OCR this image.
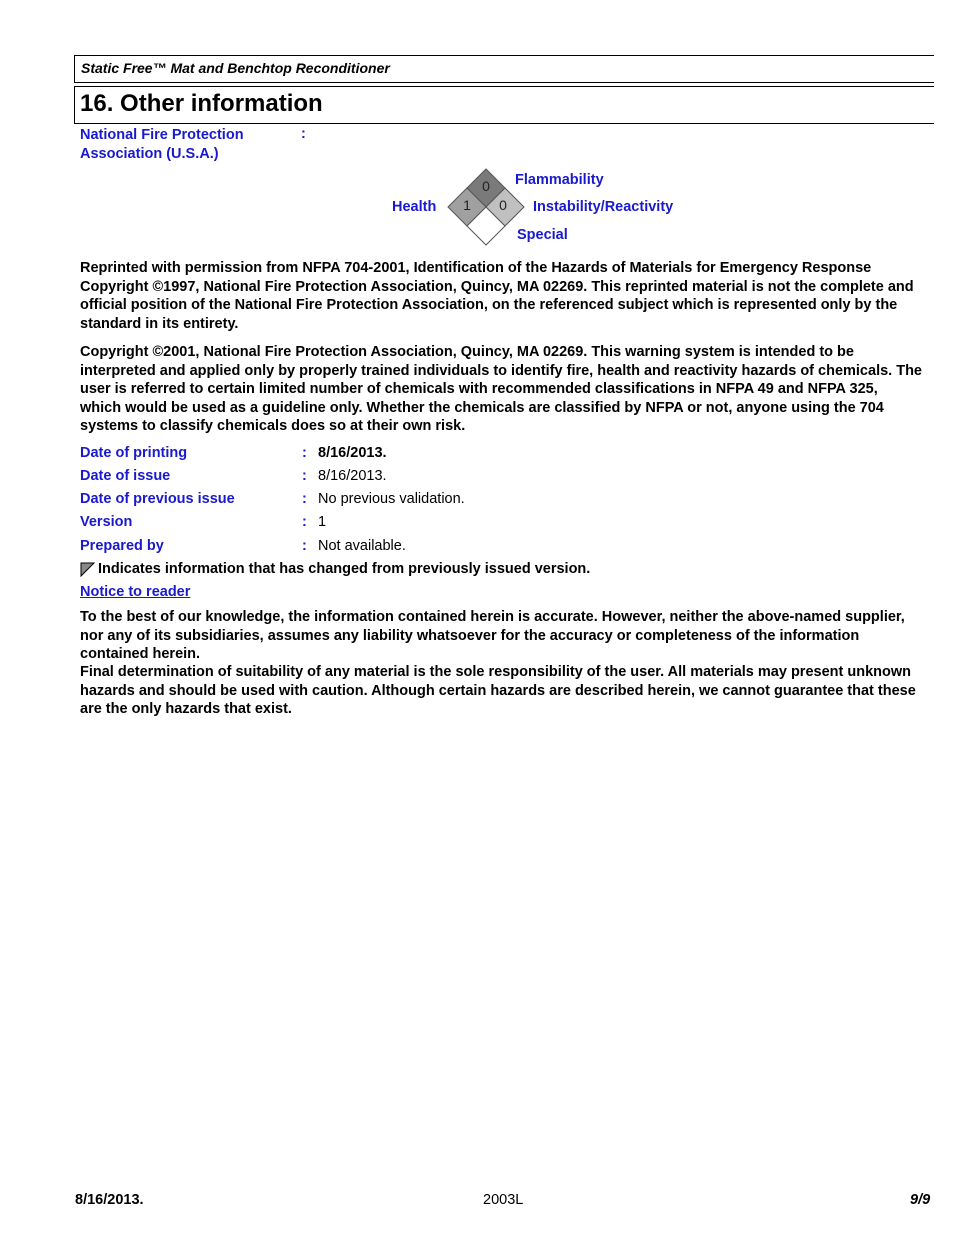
Static Free™ Mat and Benchtop Reconditioner
16. Other information
National Fire Protection Association (U.S.A.)
:
0
1 0
Flammability
Health	Instability/Reactivity
Special
Reprinted with permission from NFPA 704-2001, Identification of the Hazards of Materials for Emergency Response Copyright ©1997, National Fire Protection Association, Quincy, MA 02269. This reprinted material is not the complete and official position of the National Fire Protection Association, on the referenced subject which is represented only by the standard in its entirety.
Copyright ©2001, National Fire Protection Association, Quincy, MA 02269. This warning system is intended to be interpreted and applied only by properly trained individuals to identify fire, health and reactivity hazards of chemicals. The user is referred to certain limited number of chemicals with recommended classifications in NFPA 49 and NFPA 325, which would be used as a guideline only. Whether the chemicals are classified by NFPA or not, anyone using the 704 systems to classify chemicals does so at their own risk.
Date of printing	: 8/16/2013.
Date of issue	: 8/16/2013.
Date of previous issue	: No previous validation.
Version	: 1
Prepared by	: Not available.
Indicates information that has changed from previously issued version.
Notice to reader
To the best of our knowledge, the information contained herein is accurate. However, neither the above-named supplier, nor any of its subsidiaries, assumes any liability whatsoever for the accuracy or completeness of the information contained herein.
Final determination of suitability of any material is the sole responsibility of the user. All materials may present unknown hazards and should be used with caution. Although certain hazards are described herein, we cannot guarantee that these are the only hazards that exist.
8/16/2013.	2003L	9/9
